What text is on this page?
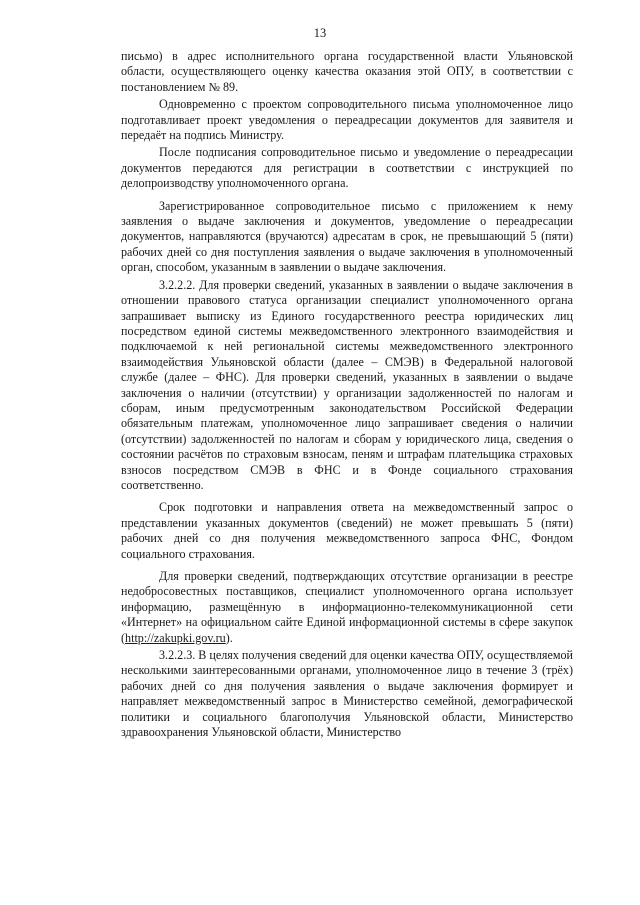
13

письмо) в адрес исполнительного органа государственной власти Ульяновской области, осуществляющего оценку качества оказания этой ОПУ, в соответствии с постановлением № 89.

Одновременно с проектом сопроводительного письма уполномоченное лицо подготавливает проект уведомления о переадресации документов для заявителя и передаёт на подпись Министру.

После подписания сопроводительное письмо и уведомление о переадресации документов передаются для регистрации в соответствии с инструкцией по делопроизводству уполномоченного органа.

Зарегистрированное сопроводительное письмо с приложением к нему заявления о выдаче заключения и документов, уведомление о переадресации документов, направляются (вручаются) адресатам в срок, не превышающий 5 (пяти) рабочих дней со дня поступления заявления о выдаче заключения в уполномоченный орган, способом, указанным в заявлении о выдаче заключения.

3.2.2.2. Для проверки сведений, указанных в заявлении о выдаче заключения в отношении правового статуса организации специалист уполномоченного органа запрашивает выписку из Единого государственного реестра юридических лиц посредством единой системы межведомственного электронного взаимодействия и подключаемой к ней региональной системы межведомственного электронного взаимодействия Ульяновской области (далее – СМЭВ) в Федеральной налоговой службе (далее – ФНС). Для проверки сведений, указанных в заявлении о выдаче заключения о наличии (отсутствии) у организации задолженностей по налогам и сборам, иным предусмотренным законодательством Российской Федерации обязательным платежам, уполномоченное лицо запрашивает сведения о наличии (отсутствии) задолженностей по налогам и сборам у юридического лица, сведения о состоянии расчётов по страховым взносам, пеням и штрафам плательщика страховых взносов посредством СМЭВ в ФНС и в Фонде социального страхования соответственно.

Срок подготовки и направления ответа на межведомственный запрос о представлении указанных документов (сведений) не может превышать 5 (пяти) рабочих дней со дня получения межведомственного запроса ФНС, Фондом социального страхования.

Для проверки сведений, подтверждающих отсутствие организации в реестре недобросовестных поставщиков, специалист уполномоченного органа использует информацию, размещённую в информационно-телекоммуникационной сети «Интернет» на официальном сайте Единой информационной системы в сфере закупок (http://zakupki.gov.ru).

3.2.2.3. В целях получения сведений для оценки качества ОПУ, осуществляемой несколькими заинтересованными органами, уполномоченное лицо в течение 3 (трёх) рабочих дней со дня получения заявления о выдаче заключения формирует и направляет межведомственный запрос в Министерство семейной, демографической политики и социального благополучия Ульяновской области, Министерство здравоохранения Ульяновской области, Министерство
